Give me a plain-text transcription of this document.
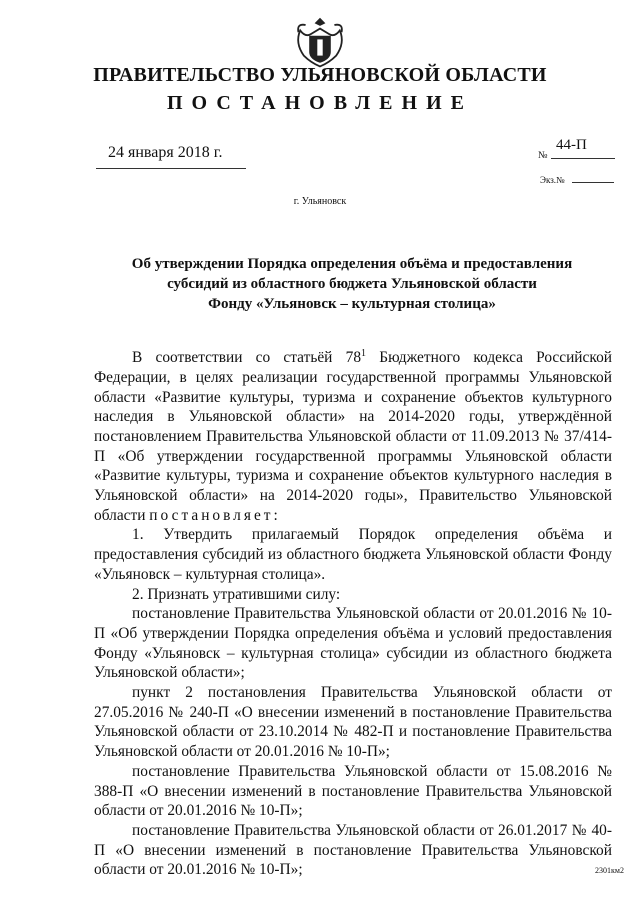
ПРАВИТЕЛЬСТВО УЛЬЯНОВСКОЙ ОБЛАСТИ
ПОСТАНОВЛЕНИЕ
24 января 2018 г.	44-П
№
Экз.№
г. Ульяновск
Об утверждении Порядка определения объёма и предоставления
субсидий из областного бюджета Ульяновской области
Фонду «Ульяновск – культурная столица»

В соответствии со статьёй $78^1$ Бюджетного кодекса Российской Федерации, в целях реализации государственной программы Ульяновской области «Развитие культуры, туризма и сохранение объектов культурного наследия в Ульяновской области» на 2014-2020 годы, утверждённой постановлением Правительства Ульяновской области от 11.09.2013 № 37/414-П «Об утверждении государственной программы Ульяновской области «Развитие культуры, туризма и сохранение объектов культурного наследия в Ульяновской области» на 2014-2020 годы», Правительство Ульяновской области постановляет:

1. Утвердить прилагаемый Порядок определения объёма и предоставления субсидий из областного бюджета Ульяновской области Фонду «Ульяновск – культурная столица».

2. Признать утратившими силу:

постановление Правительства Ульяновской области от 20.01.2016 № 10-П «Об утверждении Порядка определения объёма и условий предоставления Фонду «Ульяновск – культурная столица» субсидии из областного бюджета Ульяновской области»;

пункт 2 постановления Правительства Ульяновской области от 27.05.2016 № 240-П «О внесении изменений в постановление Правительства Ульяновской области от 23.10.2014 № 482-П и постановление Правительства Ульяновской области от 20.01.2016 № 10-П»;

постановление Правительства Ульяновской области от 15.08.2016 № 388-П «О внесении изменений в постановление Правительства Ульяновской области от 20.01.2016 № 10-П»;

постановление Правительства Ульяновской области от 26.01.2017 № 40-П «О внесении изменений в постановление Правительства Ульяновской области от 20.01.2016 № 10-П»;	2301км2
